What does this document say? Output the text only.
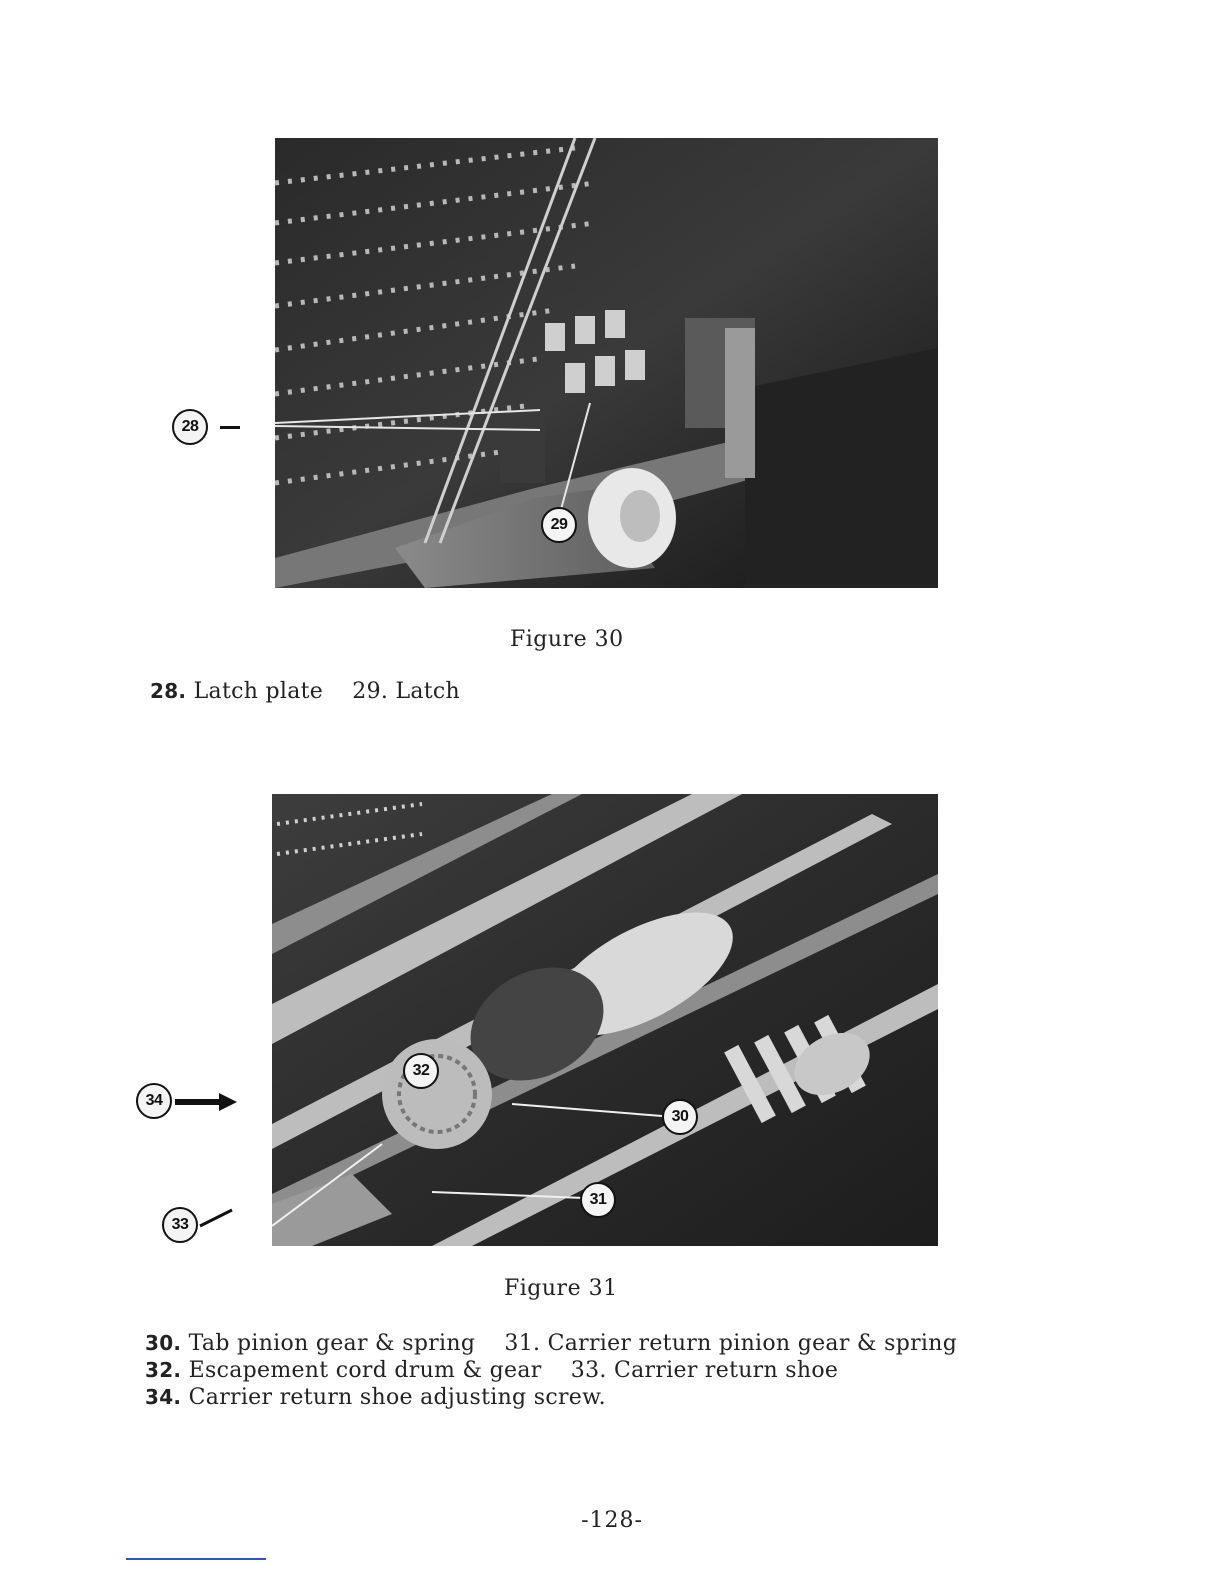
28
29
Figure 30
28. Latch plate 29. Latch
32
30
31
34
33
Figure 31
30. Tab pinion gear & spring 31. Carrier return pinion gear & spring
32. Escapement cord drum & gear 33. Carrier return shoe
34. Carrier return shoe adjusting screw.
-128-
